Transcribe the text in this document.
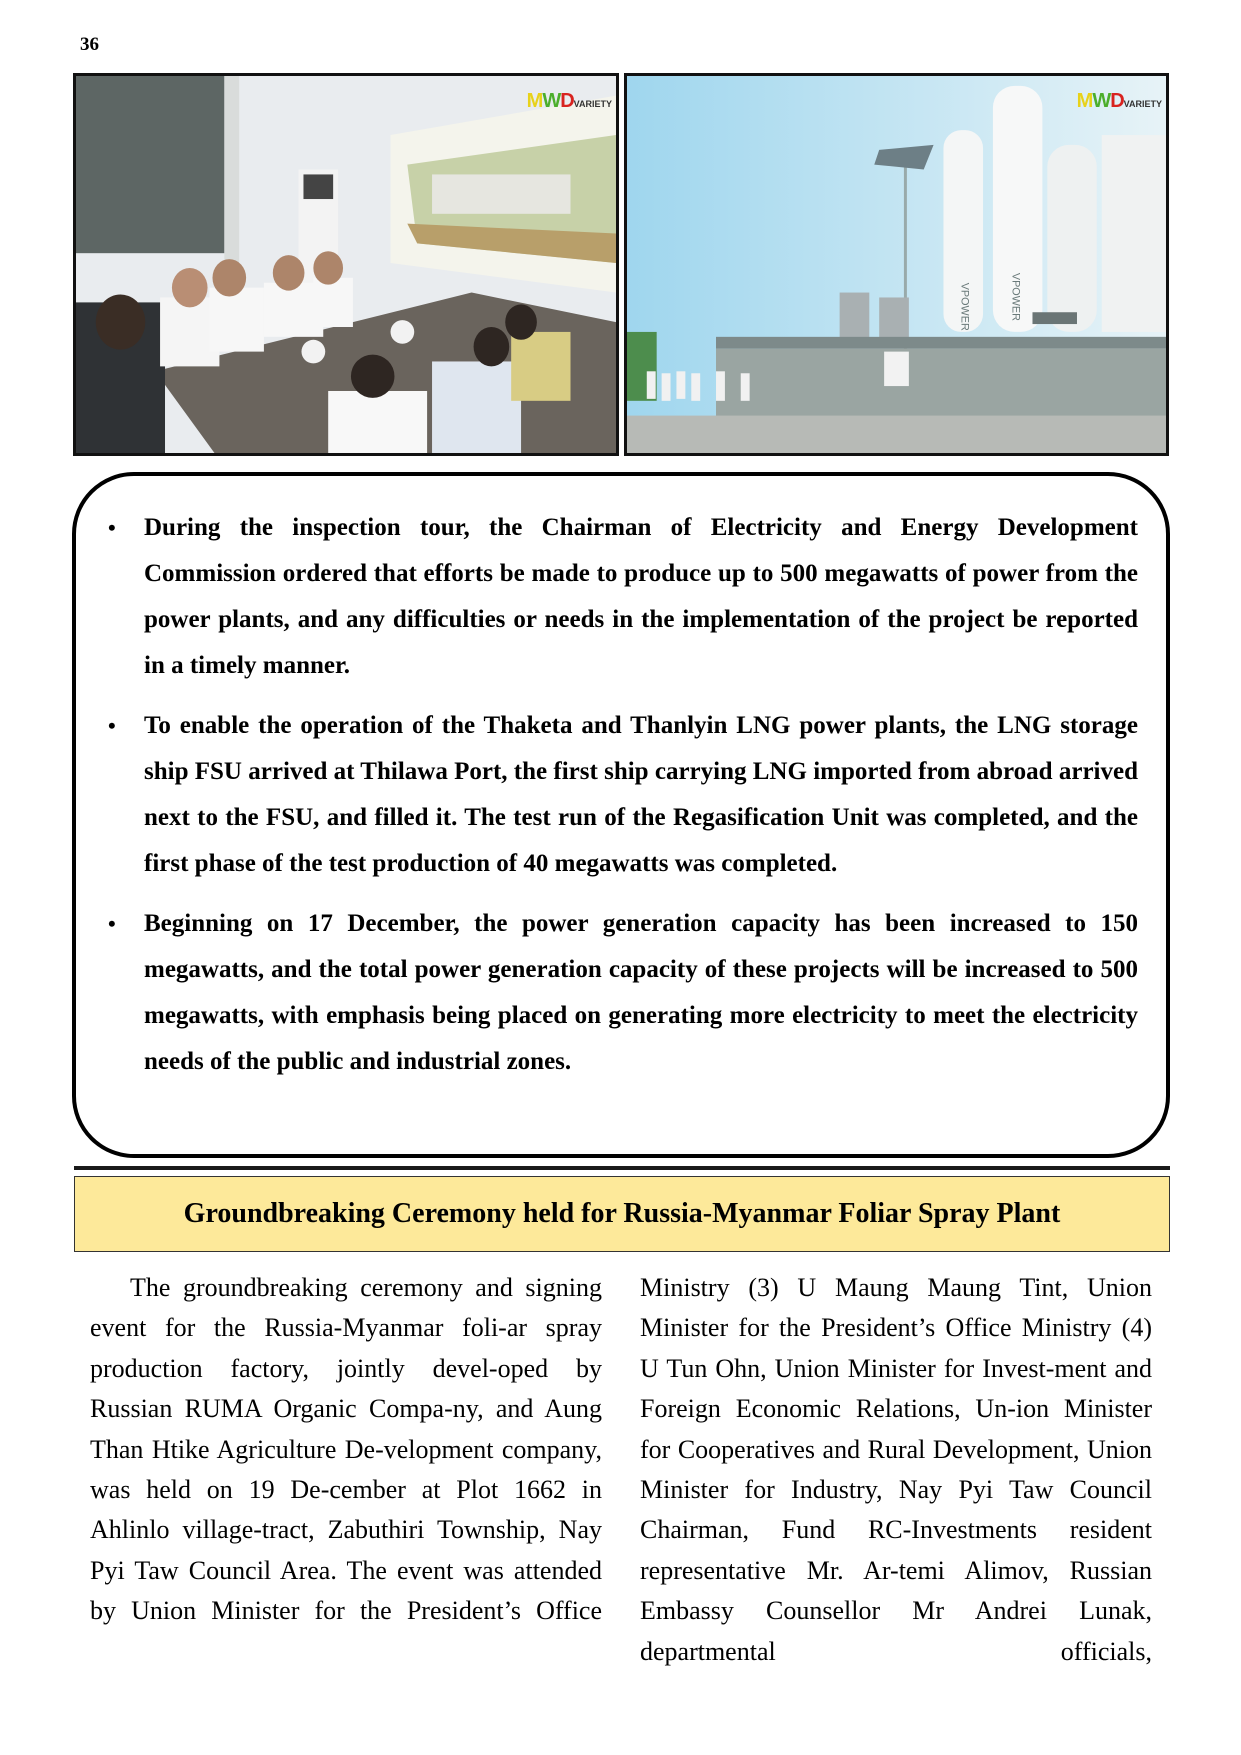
36
MWDVARIETY
VPOWER	VPOWER
MWDVARIETY
• During the inspection tour, the Chairman of Electricity and Energy Development Commission ordered that efforts be made to produce up to 500 megawatts of power from the power plants, and any difficulties or needs in the implementation of the project be reported in a timely manner.
• To enable the operation of the Thaketa and Thanlyin LNG power plants, the LNG storage ship FSU arrived at Thilawa Port, the first ship carrying LNG imported from abroad arrived next to the FSU, and filled it. The test run of the Regasification Unit was completed, and the first phase of the test production of 40 megawatts was completed.
• Beginning on 17 December, the power generation capacity has been increased to 150 megawatts, and the total power generation capacity of these projects will be increased to 500 megawatts, with emphasis being placed on generating more electricity to meet the electricity needs of the public and industrial zones.
Groundbreaking Ceremony held for Russia-Myanmar Foliar Spray Plant

The groundbreaking ceremony and signing event for the Russia-Myanmar foli-ar spray production factory, jointly devel-oped by Russian RUMA Organic Compa-ny, and Aung Than Htike Agriculture De-velopment company, was held on 19 De-cember at Plot 1662 in Ahlinlo village-tract, Zabuthiri Township, Nay Pyi Taw Council Area. The event was attended by Union Minister for the President’s Office

Ministry (3) U Maung Maung Tint, Union Minister for the President’s Office Ministry (4) U Tun Ohn, Union Minister for Invest-ment and Foreign Economic Relations, Un-ion Minister for Cooperatives and Rural Development, Union Minister for Industry, Nay Pyi Taw Council Chairman, Fund RC-Investments resident representative Mr. Ar-temi Alimov, Russian Embassy Counsellor Mr Andrei Lunak, departmental officials,
